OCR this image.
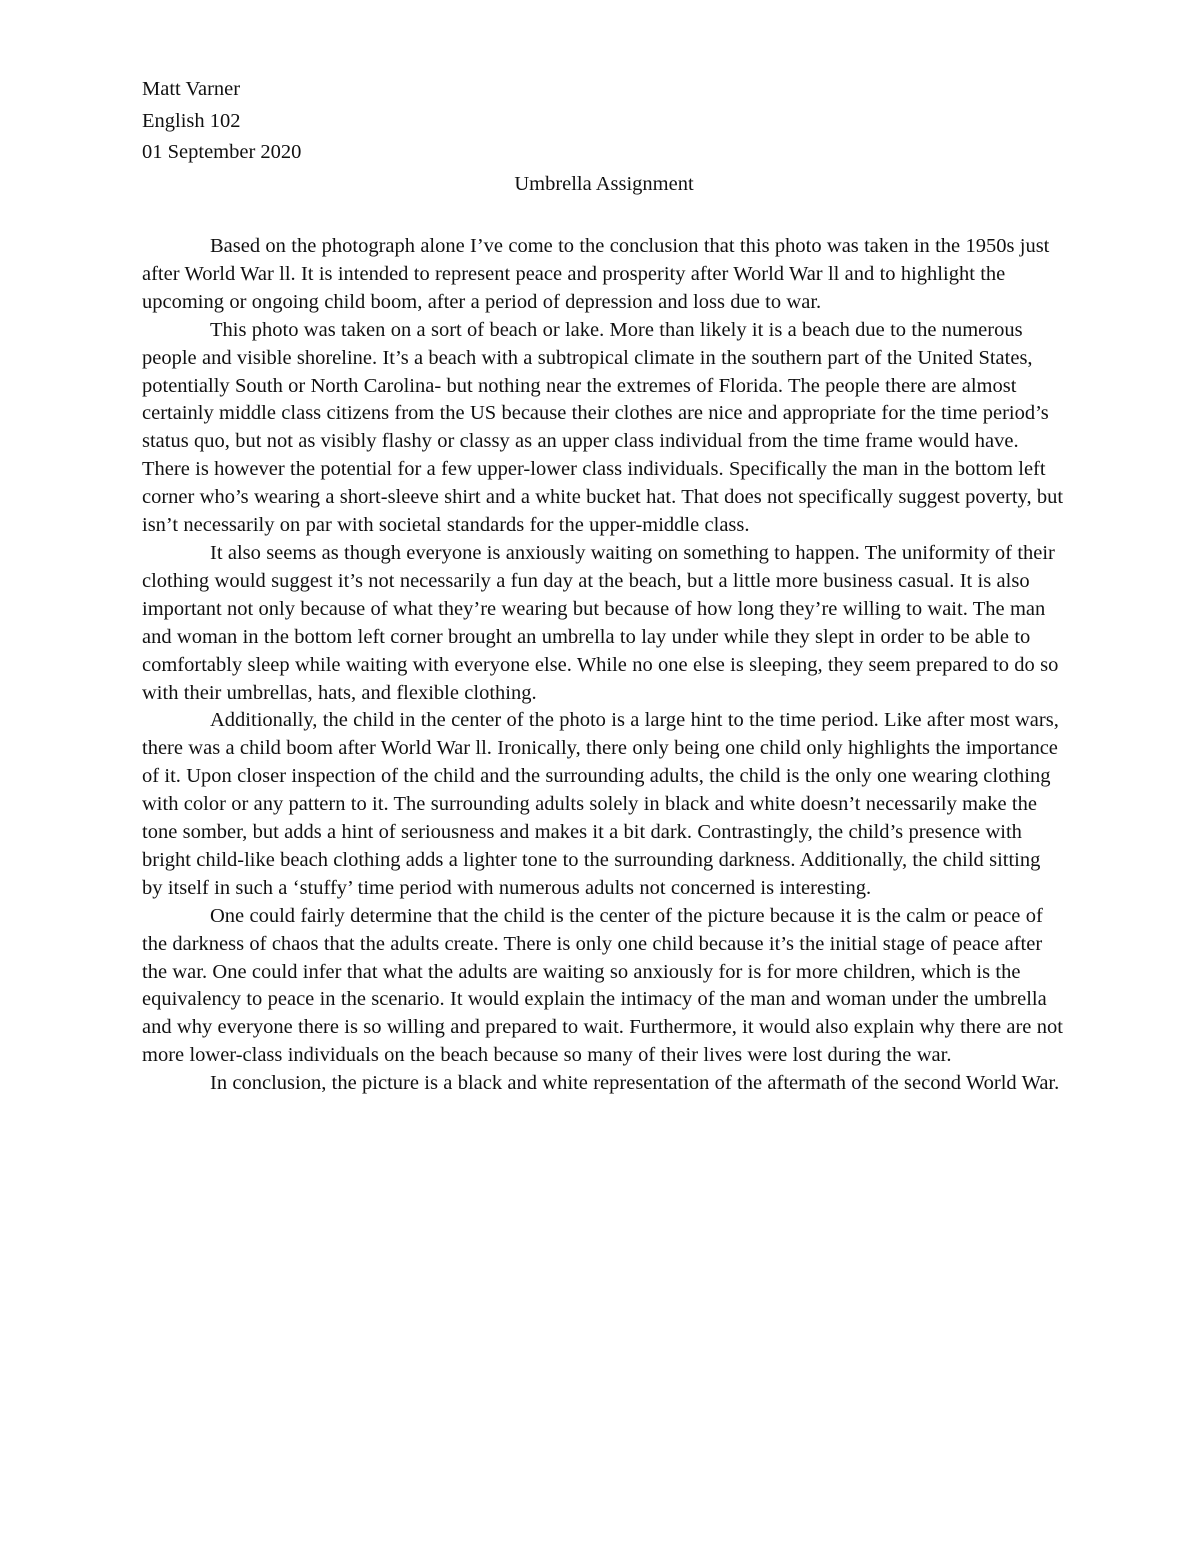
Matt Varner

English 102

01 September 2020

Umbrella Assignment

Based on the photograph alone I’ve come to the conclusion that this photo was taken in the 1950s just after World War ll. It is intended to represent peace and prosperity after World War ll and to highlight the upcoming or ongoing child boom, after a period of depression and loss due to war.

This photo was taken on a sort of beach or lake. More than likely it is a beach due to the numerous people and visible shoreline. It’s a beach with a subtropical climate in the southern part of the United States, potentially South or North Carolina- but nothing near the extremes of Florida. The people there are almost certainly middle class citizens from the US because their clothes are nice and appropriate for the time period’s status quo, but not as visibly flashy or classy as an upper class individual from the time frame would have. There is however the potential for a few upper-lower class individuals. Specifically the man in the bottom left corner who’s wearing a short-sleeve shirt and a white bucket hat. That does not specifically suggest poverty, but isn’t necessarily on par with societal standards for the upper-middle class.

It also seems as though everyone is anxiously waiting on something to happen. The uniformity of their clothing would suggest it’s not necessarily a fun day at the beach, but a little more business casual. It is also important not only because of what they’re wearing but because of how long they’re willing to wait. The man and woman in the bottom left corner brought an umbrella to lay under while they slept in order to be able to comfortably sleep while waiting with everyone else. While no one else is sleeping, they seem prepared to do so with their umbrellas, hats, and flexible clothing.

Additionally, the child in the center of the photo is a large hint to the time period. Like after most wars, there was a child boom after World War ll. Ironically, there only being one child only highlights the importance of it. Upon closer inspection of the child and the surrounding adults, the child is the only one wearing clothing with color or any pattern to it. The surrounding adults solely in black and white doesn’t necessarily make the tone somber, but adds a hint of seriousness and makes it a bit dark. Contrastingly, the child’s presence with bright child-like beach clothing adds a lighter tone to the surrounding darkness. Additionally, the child sitting by itself in such a ‘stuffy’ time period with numerous adults not concerned is interesting.

One could fairly determine that the child is the center of the picture because it is the calm or peace of the darkness of chaos that the adults create. There is only one child because it’s the initial stage of peace after the war. One could infer that what the adults are waiting so anxiously for is for more children, which is the equivalency to peace in the scenario. It would explain the intimacy of the man and woman under the umbrella and why everyone there is so willing and prepared to wait. Furthermore, it would also explain why there are not more lower-class individuals on the beach because so many of their lives were lost during the war.

In conclusion, the picture is a black and white representation of the aftermath of the second World War.
